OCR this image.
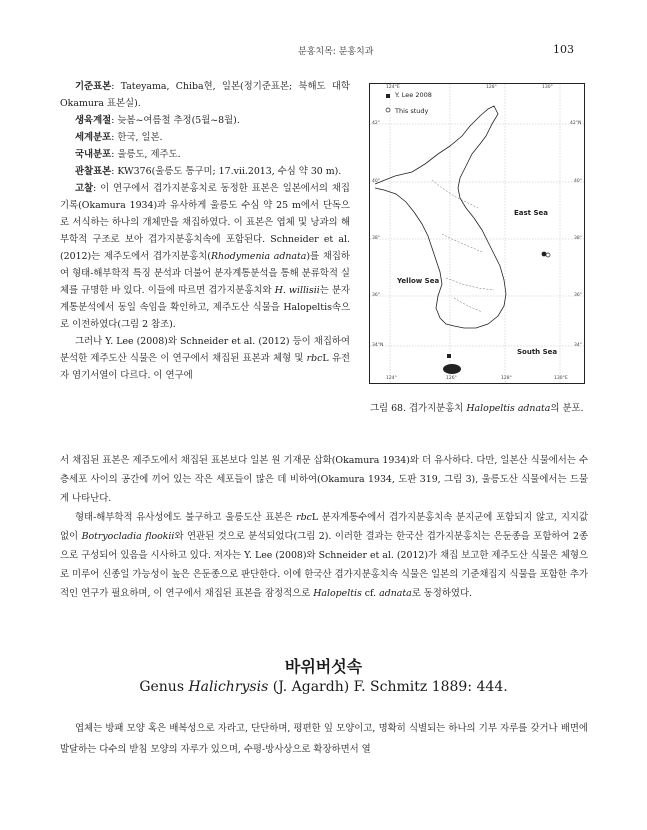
분홍치목: 분홍치과	103

기준표본: Tateyama, Chiba현, 일본(정기준표본; 북해도 대학 Okamura 표본실).

생육계절: 늦봄~여름철 추정(5월~8월).

세계분포: 한국, 일본.

국내분포: 울릉도, 제주도.

관찰표본: KW376(울릉도 통구미; 17.vii.2013, 수심 약 30 m).

고찰: 이 연구에서 겹가지분홍치로 동정한 표본은 일본에서의 채집 기록(Okamura 1934)과 유사하게 울릉도 수심 약 25 m에서 단독으로 서식하는 하나의 개체만을 채집하였다. 이 표본은 엽체 및 낭과의 해부학적 구조로 보아 겹가지분홍치속에 포함된다. Schneider et al. (2012)는 제주도에서 겹가지분홍치(Rhodymenia adnata)를 채집하여 형태-해부학적 특징 분석과 더불어 분자계통분석을 통해 분류학적 실체를 규명한 바 있다. 이들에 따르면 겹가지분홍치와 H. willisii는 분자계통분석에서 동일 속임을 확인하고, 제주도산 식물을 Halopeltis속으로 이전하였다(그림 2 참조).

그러나 Y. Lee (2008)와 Schneider et al. (2012) 등이 채집하여 분석한 제주도산 식물은 이 연구에서 채집된 표본과 체형 및 rbcL 유전자 염기서열이 다르다. 이 연구에

Y. Lee 2008
This study
East Sea
Yellow Sea
South Sea
124°E	128°	130°
124°	126°	128°	130°E
42°
40°
38°
36°
34°N
42°N
40°
38°
36°
34°
그림 68. 겹가지분홍치 Halopeltis adnata의 분포.

서 채집된 표본은 제주도에서 채집된 표본보다 일본 원 기재문 삽화(Okamura 1934)와 더 유사하다. 다만, 일본산 식물에서는 수층세포 사이의 공간에 끼어 있는 작은 세포들이 많은 데 비하여(Okamura 1934, 도판 319, 그림 3), 울릉도산 식물에서는 드물게 나타난다.

형태-해부학적 유사성에도 불구하고 울릉도산 표본은 rbcL 분자계통수에서 겹가지분홍치속 분지군에 포함되지 않고, 지지값 없이 Botryocladia flookii와 연관된 것으로 분석되었다(그림 2). 이러한 결과는 한국산 겹가지분홍치는 은둔종을 포함하여 2종으로 구성되어 있음을 시사하고 있다. 저자는 Y. Lee (2008)와 Schneider et al. (2012)가 채집 보고한 제주도산 식물은 체형으로 미루어 신종일 가능성이 높은 은둔종으로 판단한다. 이에 한국산 겹가지분홍치속 식물은 일본의 기준채집지 식물을 포함한 추가적인 연구가 필요하며, 이 연구에서 채집된 표본을 잠정적으로 Halopeltis cf. adnata로 동정하였다.

바위버섯속
Genus Halichrysis (J. Agardh) F. Schmitz 1889: 444.

엽체는 방패 모양 혹은 배복성으로 자라고, 단단하며, 평편한 잎 모양이고, 명확히 식별되는 하나의 기부 자루를 갖거나 배면에 발달하는 다수의 받침 모양의 자루가 있으며, 수평-방사상으로 확장하면서 열
